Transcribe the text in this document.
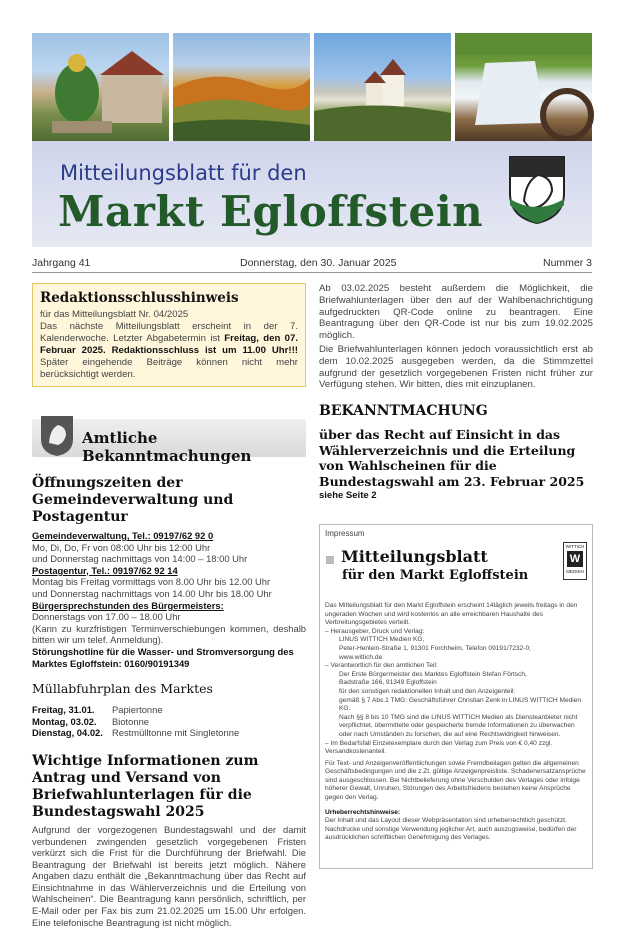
Mitteilungsblatt für den
Markt Egloffstein
Jahrgang 41	Donnerstag, den 30. Januar 2025	Nummer 3
Redaktionsschlusshinweis

für das Mitteilungsblatt Nr. 04/2025

Das nächste Mitteilungsblatt erscheint in der 7. Kalenderwoche. Letzter Abgabetermin ist Freitag, den 07. Februar 2025. Redaktionsschluss ist um 11.00 Uhr!!! Später eingehende Beiträge können nicht mehr berücksichtigt werden.

Amtliche Bekanntmachungen
Öffnungszeiten der Gemeindeverwaltung und Postagentur

Gemeindeverwaltung, Tel.: 09197/62 92 0

Mo, Di, Do, Fr von 08:00 Uhr bis 12:00 Uhr

und Donnerstag nachmittags von 14:00 – 18:00 Uhr

Postagentur, Tel.: 09197/62 92 14

Montag bis Freitag vormittags von 8.00 Uhr bis 12.00 Uhr

und Donnerstag nachmittags von 14.00 Uhr bis 18.00 Uhr

Bürgersprechstunden des Bürgermeisters:

Donnerstags von 17.00 – 18.00 Uhr

(Kann zu kurzfristigen Terminverschiebungen kommen, deshalb bitten wir um telef. Anmeldung).

Störungshotline für die Wasser- und Stromversorgung des Marktes Egloffstein: 0160/90191349

Müllabfuhrplan des Marktes
Freitag, 31.01.	Papiertonne
Montag, 03.02.	Biotonne
Dienstag, 04.02. Restmülltonne mit Singletonne
Wichtige Informationen zum Antrag und Versand von Briefwahlunterlagen für die Bundestagswahl 2025

Aufgrund der vorgezogenen Bundestagswahl und der damit verbundenen zwingenden gesetzlich vorgegebenen Fristen verkürzt sich die Frist für die Durchführung der Briefwahl. Die Beantragung der Briefwahl ist bereits jetzt möglich. Nähere Angaben dazu enthält die „Bekanntmachung über das Recht auf Einsichtnahme in das Wählerverzeichnis und die Erteilung von Wahlscheinen“. Die Beantragung kann persönlich, schriftlich, per E-Mail oder per Fax bis zum 21.02.2025 um 15.00 Uhr erfolgen. Eine telefonische Beantragung ist nicht möglich.

Ab 03.02.2025 besteht außerdem die Möglichkeit, die Briefwahlunterlagen über den auf der Wahlbenachrichtigung aufgedruckten QR-Code online zu beantragen. Eine Beantragung über den QR-Code ist nur bis zum 19.02.2025 möglich.

Die Briefwahlunterlagen können jedoch voraussichtlich erst ab dem 10.02.2025 ausgegeben werden, da die Stimmzettel aufgrund der gesetzlich vorgegebenen Fristen nicht früher zur Verfügung stehen. Wir bitten, dies mit einzuplanen.

BEKANNTMACHUNG
über das Recht auf Einsicht in das Wählerverzeichnis und die Erteilung von Wahlscheinen für die Bundestagswahl am 23. Februar 2025
siehe Seite 2
Impressum
Mitteilungsblatt
für den Markt Egloffstein
WITTICH
W
MEDIEN

Das Mitteilungsblatt für den Markt Egloffstein erscheint 14täglich jeweils freitags in den ungeraden Wochen und wird kostenlos an alle erreichbaren Haushalte des Verbreitungsgebietes verteilt.

– Herausgeber, Druck und Verlag:

LINUS WITTICH Medien KG,

Peter-Henlein-Straße 1, 91301 Forchheim, Telefon 09191/7232-0;

www.wittich.de

– Verantwortlich für den amtlichen Teil:

Der Erste Bürgermeister des Marktes Egloffstein Stefan Förtsch,

Badstraße 166, 91349 Egloffstein

für den sonstigen redaktionellen Inhalt und den Anzeigenteil:

gemäß § 7 Abs.1 TMG: Geschäftsführer Christian Zenk in LINUS WITTICH Medien KG.

Nach §§ 8 bis 10 TMG sind die LINUS WITTICH Medien als Diensteanbieter nicht verpflichtet, übermittelte oder gespeicherte fremde Informationen zu überwachen oder nach Umständen zu forschen, die auf eine Rechtswidrigkeit hinweisen.

– Im Bedarfsfall Einzelexemplare durch den Verlag zum Preis von € 0,40 zzgl. Versandkostenanteil.

Für Text- und Anzeigenveröffentlichungen sowie Fremdbeilagen gelten die allgemeinen Geschäftsbedingungen und die z.Zt. gültige Anzeigenpreisliste. Schadenersatzansprüche sind ausgeschlossen. Bei Nichtbelieferung ohne Verschulden des Verlages oder infolge höherer Gewalt, Unruhen, Störungen des Arbeitsfriedens bestehen keine Ansprüche gegen den Verlag.

Urheberrechtshinweise:

Der Inhalt und das Layout dieser Webpräsentation sind urheberrechtlich geschützt. Nachdrucke und sonstige Verwendung jeglicher Art, auch auszugsweise, bedürfen der ausdrücklichen schriftlichen Genehmigung des Verlages.
